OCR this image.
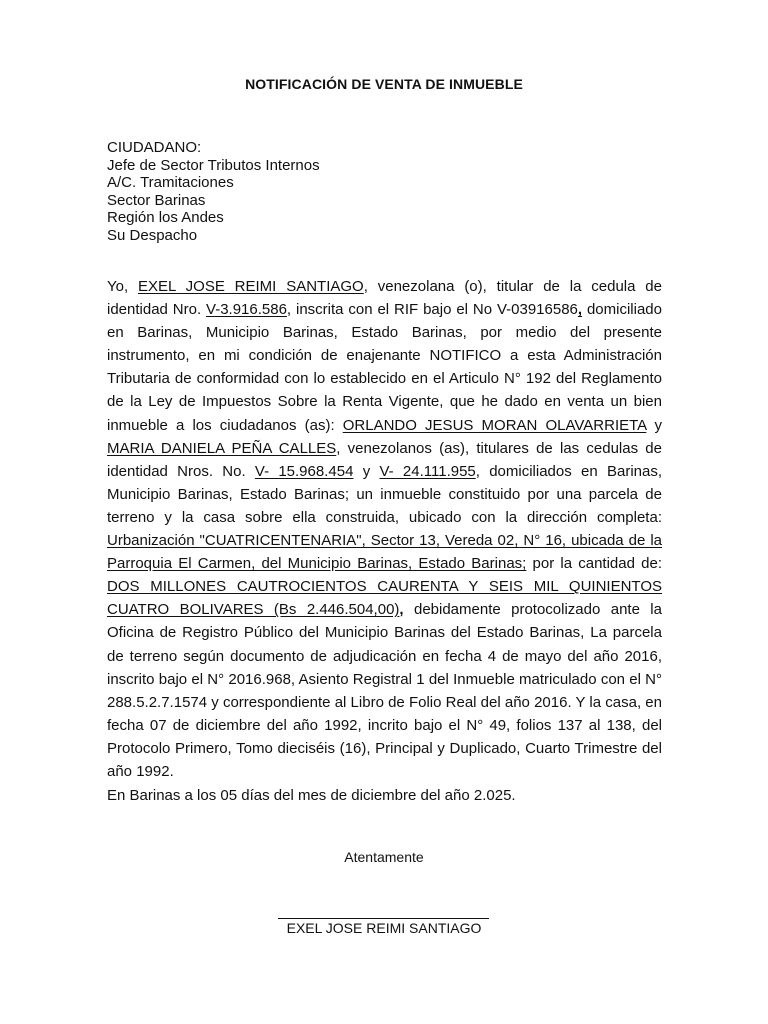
NOTIFICACIÓN DE VENTA DE INMUEBLE
CIUDADANO:
Jefe de Sector Tributos Internos
A/C. Tramitaciones
Sector Barinas
Región los Andes
Su Despacho
Yo, EXEL JOSE REIMI SANTIAGO, venezolana (o), titular de la cedula de identidad Nro. V-3.916.586, inscrita con el RIF bajo el No V-03916586, domiciliado en Barinas, Municipio Barinas, Estado Barinas, por medio del presente instrumento, en mi condición de enajenante NOTIFICO a esta Administración Tributaria de conformidad con lo establecido en el Articulo N° 192 del Reglamento de la Ley de Impuestos Sobre la Renta Vigente, que he dado en venta un bien inmueble a los ciudadanos (as): ORLANDO JESUS MORAN OLAVARRIETA y MARIA DANIELA PEÑA CALLES, venezolanos (as), titulares de las cedulas de identidad Nros. No. V- 15.968.454 y V- 24.111.955, domiciliados en Barinas, Municipio Barinas, Estado Barinas; un inmueble constituido por una parcela de terreno y la casa sobre ella construida, ubicado con la dirección completa: Urbanización "CUATRICENTENARIA", Sector 13, Vereda 02, N° 16, ubicada de la Parroquia El Carmen, del Municipio Barinas, Estado Barinas; por la cantidad de: DOS MILLONES CAUTROCIENTOS CAURENTA Y SEIS MIL QUINIENTOS CUATRO BOLIVARES (Bs 2.446.504,00), debidamente protocolizado ante la Oficina de Registro Público del Municipio Barinas del Estado Barinas, La parcela de terreno según documento de adjudicación en fecha 4 de mayo del año 2016, inscrito bajo el N° 2016.968, Asiento Registral 1 del Inmueble matriculado con el N° 288.5.2.7.1574 y correspondiente al Libro de Folio Real del año 2016. Y la casa, en fecha 07 de diciembre del año 1992, incrito bajo el N° 49, folios 137 al 138, del Protocolo Primero, Tomo dieciséis (16), Principal y Duplicado, Cuarto Trimestre del año 1992.
En Barinas a los 05 días del mes de diciembre del año 2.025.
Atentamente
EXEL JOSE REIMI SANTIAGO
